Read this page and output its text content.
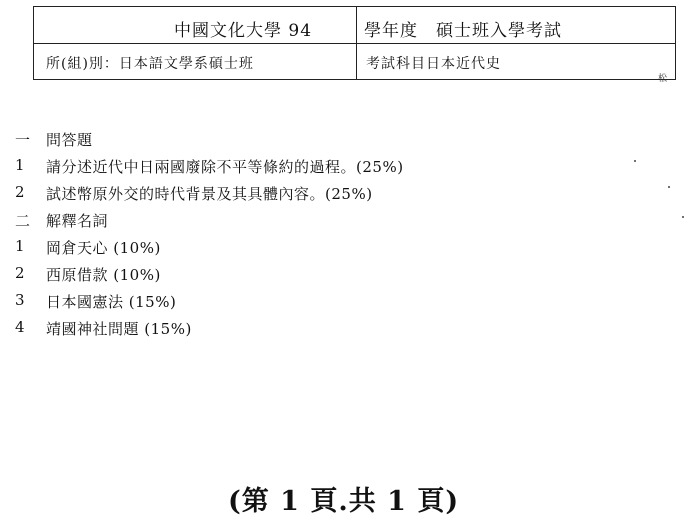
中國文化大學 94	學年度　碩士班入學考試
所(組)別：日本語文學系碩士班	考試科目日本近代史
松
一	問答題
1	請分述近代中日兩國廢除不平等條約的過程。(25%)
2	試述幣原外交的時代背景及其具體內容。(25%)
二	解釋名詞
1	岡倉天心 (10%)
2	西原借款 (10%)
3	日本國憲法 (15%)
4	靖國神社問題 (15%)
(第 1 頁.共 1 頁)
